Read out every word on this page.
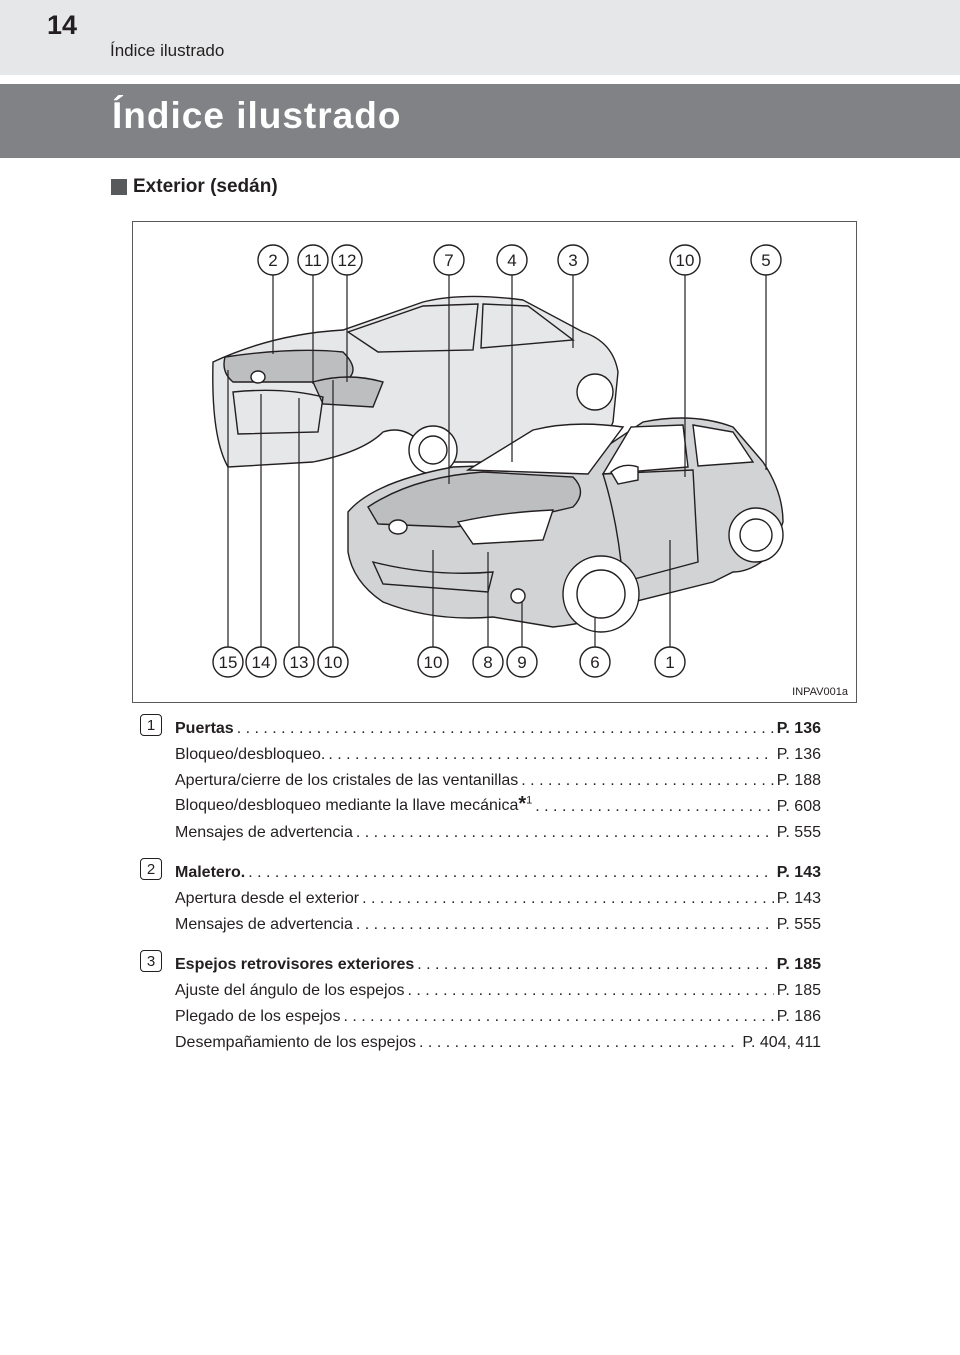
14
Índice ilustrado
Índice ilustrado
Exterior (sedán)
2 11 12	7	4	3	10	5
15 14 13 10	10 8 9	6	1
INPAV001a
1	Puertas . . .	P. 136
Bloqueo/desbloqueo. . . .	P. 136
Apertura/cierre de los cristales de las ventanillas . . .	P. 188
Bloqueo/desbloqueo mediante la llave mecánica*$^1$ . . .	P. 608
Mensajes de advertencia . . .	P. 555
2	Maletero. . . .	P. 143
Apertura desde el exterior . . .	P. 143
Mensajes de advertencia . . .	P. 555
3	Espejos retrovisores exteriores . . .	P. 185
Ajuste del ángulo de los espejos . . .	P. 185
Plegado de los espejos . . .	P. 186
Desempañamiento de los espejos . . .	P. 404, 411
